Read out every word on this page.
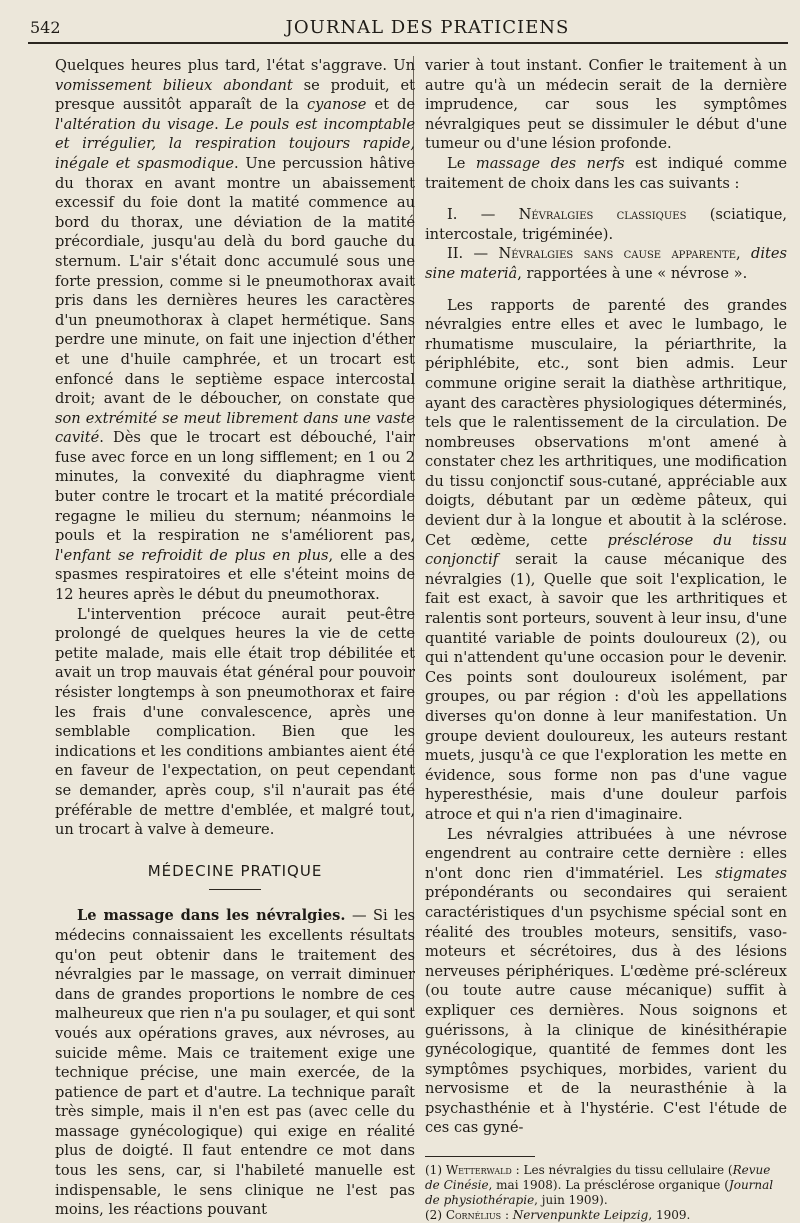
542	JOURNAL DES PRATICIENS

Quelques heures plus tard, l'état s'aggrave. Un vomissement bilieux abondant se produit, et presque aussitôt apparaît de la cyanose et de l'altération du visage. Le pouls est incomptable et irrégulier, la respiration toujours rapide, inégale et spasmodique. Une percussion hâtive du thorax en avant montre un abaissement excessif du foie dont la matité commence au bord du thorax, une déviation de la matité précordiale, jusqu'au delà du bord gauche du sternum. L'air s'était donc accumulé sous une forte pression, comme si le pneumothorax avait pris dans les dernières heures les caractères d'un pneumothorax à clapet hermétique. Sans perdre une minute, on fait une injection d'éther et une d'huile camphrée, et un trocart est enfoncé dans le septième espace intercostal droit; avant de le déboucher, on constate que son extrémité se meut librement dans une vaste cavité. Dès que le trocart est débouché, l'air fuse avec force en un long sifflement; en 1 ou 2 minutes, la convexité du diaphragme vient buter contre le trocart et la matité précordiale regagne le milieu du sternum; néanmoins le pouls et la respiration ne s'améliorent pas, l'enfant se refroidit de plus en plus, elle a des spasmes respiratoires et elle s'éteint moins de 12 heures après le début du pneumothorax.

L'intervention précoce aurait peut-être prolongé de quelques heures la vie de cette petite malade, mais elle était trop débilitée et avait un trop mauvais état général pour pouvoir résister longtemps à son pneumothorax et faire les frais d'une convalescence, après une semblable complication. Bien que les indications et les conditions ambiantes aient été en faveur de l'expectation, on peut cependant se demander, après coup, s'il n'aurait pas été préférable de mettre d'emblée, et malgré tout, un trocart à valve à demeure.

MÉDECINE PRATIQUE

Le massage dans les névralgies. — Si les médecins connaissaient les excellents résultats qu'on peut obtenir dans le traitement des névralgies par le massage, on verrait diminuer dans de grandes proportions le nombre de ces malheureux que rien n'a pu soulager, et qui sont voués aux opérations graves, aux névroses, au suicide même. Mais ce traitement exige une technique précise, une main exercée, de la patience de part et d'autre. La technique paraît très simple, mais il n'en est pas (avec celle du massage gynécologique) qui exige en réalité plus de doigté. Il faut entendre ce mot dans tous les sens, car, si l'habileté manuelle est indispensable, le sens clinique ne l'est pas moins, les réactions pouvant

varier à tout instant. Confier le traitement à un autre qu'à un médecin serait de la dernière imprudence, car sous les symptômes névralgiques peut se dissimuler le début d'une tumeur ou d'une lésion profonde.

Le massage des nerfs est indiqué comme traitement de choix dans les cas suivants :

I. — Névralgies classiques (sciatique, intercostale, trigéminée).

II. — Névralgies sans cause apparente, dites sine materiâ, rapportées à une « névrose ».

Les rapports de parenté des grandes névralgies entre elles et avec le lumbago, le rhumatisme musculaire, la périarthrite, la périphlébite, etc., sont bien admis. Leur commune origine serait la diathèse arthritique, ayant des caractères physiologiques déterminés, tels que le ralentissement de la circulation. De nombreuses observations m'ont amené à constater chez les arthritiques, une modification du tissu conjonctif sous-cutané, appréciable aux doigts, débutant par un œdème pâteux, qui devient dur à la longue et aboutit à la sclérose. Cet œdème, cette présclérose du tissu conjonctif serait la cause mécanique des névralgies (1), Quelle que soit l'explication, le fait est exact, à savoir que les arthritiques et ralentis sont porteurs, souvent à leur insu, d'une quantité variable de points douloureux (2), ou qui n'attendent qu'une occasion pour le devenir. Ces points sont douloureux isolément, par groupes, ou par région : d'où les appellations diverses qu'on donne à leur manifestation. Un groupe devient douloureux, les auteurs restant muets, jusqu'à ce que l'exploration les mette en évidence, sous forme non pas d'une vague hyperesthésie, mais d'une douleur parfois atroce et qui n'a rien d'imaginaire.

Les névralgies attribuées à une névrose engendrent au contraire cette dernière : elles n'ont donc rien d'immatériel. Les stigmates prépondérants ou secondaires qui seraient caractéristiques d'un psychisme spécial sont en réalité des troubles moteurs, sensitifs, vaso-moteurs et sécrétoires, dus à des lésions nerveuses périphériques. L'œdème pré-scléreux (ou toute autre cause mécanique) suffit à expliquer ces dernières. Nous soignons et guérissons, à la clinique de kinésithérapie gynécologique, quantité de femmes dont les symptômes psychiques, morbides, varient du nervosisme et de la neurasthénie à la psychasthénie et à l'hystérie. C'est l'étude de ces cas gyné-

(1) Wetterwald : Les névralgies du tissu cellulaire (Revue de Cinésie, mai 1908). La présclérose organique (Journal de physiothérapie, juin 1909).

(2) Cornélius : Nervenpunkte Leipzig, 1909.
